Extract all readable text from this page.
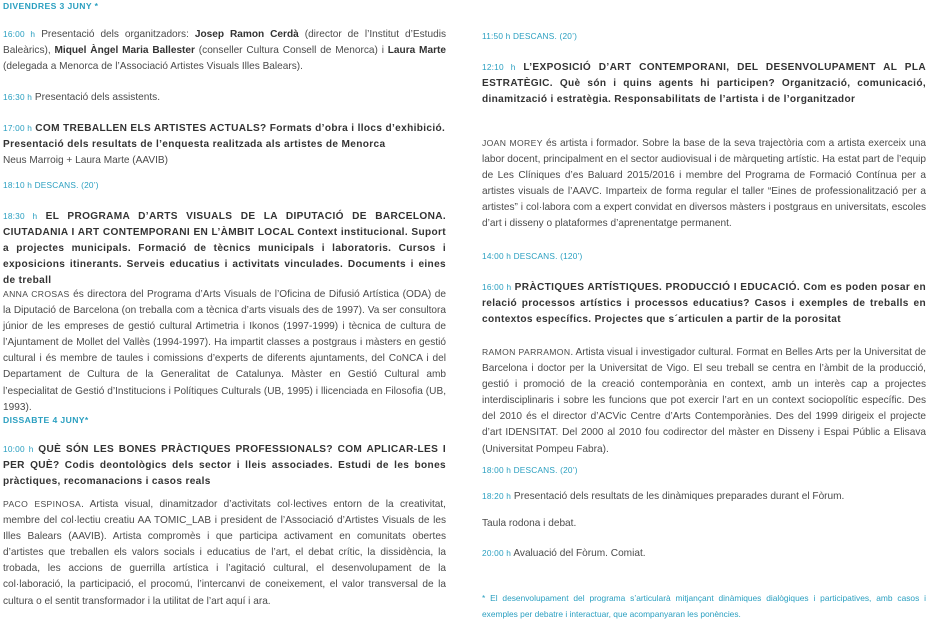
DIVENDRES 3 JUNY *

16:00 h Presentació dels organitzadors: Josep Ramon Cerdà (director de l’Institut d’Estudis Baleàrics), Miquel Àngel Maria Ballester (conseller Cultura Consell de Menorca) i Laura Marte (delegada a Menorca de l’Associació Artistes Visuals Illes Balears).

16:30 h Presentació dels assistents.

17:00 h COM TREBALLEN ELS ARTISTES ACTUALS? Formats d’obra i llocs d’exhibició. Presentació dels resultats de l’enquesta realitzada als artistes de Menorca

Neus Marroig + Laura Marte (AAVIB)

18:10 h DESCANS. (20’)

18:30 h EL PROGRAMA D’ARTS VISUALS DE LA DIPUTACIÓ DE BARCELONA. CIUTADANIA I ART CONTEMPORANI EN L’ÀMBIT LOCAL Context institucional. Suport a projectes municipals. Formació de tècnics municipals i laboratoris. Cursos i exposicions itinerants. Serveis educatius i activitats vinculades. Documents i eines de treball

ANNA CROSAS és directora del Programa d’Arts Visuals de l’Oficina de Difusió Artística (ODA) de la Diputació de Barcelona (on treballa com a tècnica d’arts visuals des de 1997). Va ser consultora júnior de les empreses de gestió cultural Artimetria i Ikonos (1997-1999) i tècnica de cultura de l’Ajuntament de Mollet del Vallès (1994-1997). Ha impartit classes a postgraus i màsters en gestió cultural i és membre de taules i comissions d’experts de diferents ajuntaments, del CoNCA i del Departament de Cultura de la Generalitat de Catalunya. Màster en Gestió Cultural amb l’especialitat de Gestió d’Institucions i Polítiques Culturals (UB, 1995) i llicenciada en Filosofia (UB, 1993).

DISSABTE 4 JUNY*

10:00 h QUÈ SÓN LES BONES PRÀCTIQUES PROFESSIONALS? COM APLICAR-LES I PER QUÈ? Codis deontològics dels sector i lleis associades. Estudi de les bones pràctiques, recomanacions i casos reals

PACO ESPINOSA. Artista visual, dinamitzador d’activitats col·lectives entorn de la creativitat, membre del col·lectiu creatiu AA TOMIC_LAB i president de l’Associació d’Artistes Visuals de les Illes Balears (AAVIB). Artista compromès i que participa activament en comunitats obertes d’artistes que treballen els valors socials i educatius de l’art, el debat crític, la dissidència, la trobada, les accions de guerrilla artística i l’agitació cultural, el desenvolupament de la col·laboració, la participació, el procomú, l’intercanvi de coneixement, el valor transversal de la cultura o el sentit transformador i la utilitat de l’art aquí i ara.

11:50 h DESCANS. (20’)

12:10 h L’EXPOSICIÓ D’ART CONTEMPORANI, DEL DESENVOLUPAMENT AL PLA ESTRATÈGIC. Què són i quins agents hi participen? Organització, comunicació, dinamització i estratègia. Responsabilitats de l’artista i de l’organitzador

JOAN MOREY és artista i formador. Sobre la base de la seva trajectòria com a artista exerceix una labor docent, principalment en el sector audiovisual i de màrqueting artístic. Ha estat part de l’equip de Les Clíniques d’es Baluard 2015/2016 i membre del Programa de Formació Contínua per a artistes visuals de l’AAVC. Imparteix de forma regular el taller “Eines de professionalització per a artistes” i col·labora com a expert convidat en diversos màsters i postgraus en universitats, escoles d’art i disseny o plataformes d’aprenentatge permanent.

14:00 h DESCANS. (120’)

16:00 h PRÀCTIQUES ARTÍSTIQUES. PRODUCCIÓ I EDUCACIÓ. Com es poden posar en relació processos artístics i processos educatius? Casos i exemples de treballs en contextos específics. Projectes que s´articulen a partir de la porositat

RAMON PARRAMON. Artista visual i investigador cultural. Format en Belles Arts per la Universitat de Barcelona i doctor per la Universitat de Vigo. El seu treball se centra en l’àmbit de la producció, gestió i promoció de la creació contemporània en context, amb un interès cap a projectes interdisciplinaris i sobre les funcions que pot exercir l’art en un context sociopolític específic. Des del 2010 és el director d’ACVic Centre d’Arts Contemporànies. Des del 1999 dirigeix el projecte d’art IDENSITAT. Del 2000 al 2010 fou codirector del màster en Disseny i Espai Públic a Elisava (Universitat Pompeu Fabra).

18:00 h DESCANS. (20’)

18:20 h Presentació dels resultats de les dinàmiques preparades durant el Fòrum.

Taula rodona i debat.

20:00 h Avaluació del Fòrum. Comiat.

* El desenvolupament del programa s’articularà mitjançant dinàmiques dialògiques i participatives, amb casos i exemples per debatre i interactuar, que acompanyaran les ponències.
